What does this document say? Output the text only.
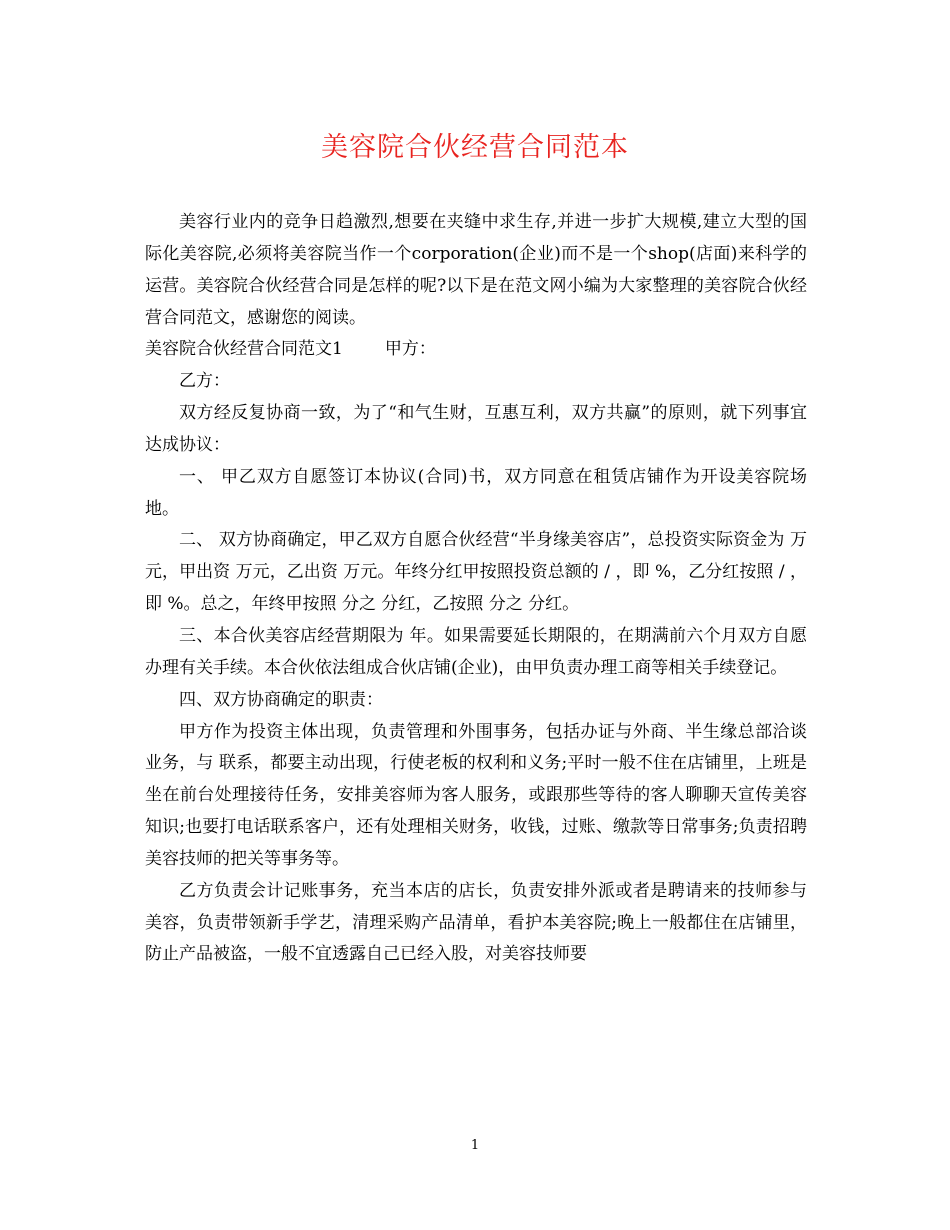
美容院合伙经营合同范本

美容行业内的竞争日趋激烈,想要在夹缝中求生存,并进一步扩大规模,建立大型的国际化美容院,必须将美容院当作一个corporation(企业)而不是一个shop(店面)来科学的运营。美容院合伙经营合同是怎样的呢?以下是在范文网小编为大家整理的美容院合伙经营合同范文，感谢您的阅读。

美容院合伙经营合同范文1 甲方：

乙方：

双方经反复协商一致，为了“和气生财，互惠互利，双方共赢”的原则，就下列事宜达成协议：

一、 甲乙双方自愿签订本协议(合同)书，双方同意在租赁店铺作为开设美容院场地。

二、 双方协商确定，甲乙双方自愿合伙经营“半身缘美容店”，总投资实际资金为 万元，甲出资 万元，乙出资 万元。年终分红甲按照投资总额的 / ，即 %，乙分红按照 / ，即 %。总之，年终甲按照 分之 分红，乙按照 分之 分红。

三、本合伙美容店经营期限为 年。如果需要延长期限的，在期满前六个月双方自愿办理有关手续。本合伙依法组成合伙店铺(企业)，由甲负责办理工商等相关手续登记。

四、双方协商确定的职责：

甲方作为投资主体出现，负责管理和外围事务，包括办证与外商、半生缘总部洽谈业务，与 联系，都要主动出现，行使老板的权利和义务;平时一般不住在店铺里，上班是坐在前台处理接待任务，安排美容师为客人服务，或跟那些等待的客人聊聊天宣传美容知识;也要打电话联系客户，还有处理相关财务，收钱，过账、缴款等日常事务;负责招聘美容技师的把关等事务等。

乙方负责会计记账事务，充当本店的店长，负责安排外派或者是聘请来的技师参与美容，负责带领新手学艺，清理采购产品清单，看护本美容院;晚上一般都住在店铺里，防止产品被盗，一般不宜透露自己已经入股，对美容技师要

1
